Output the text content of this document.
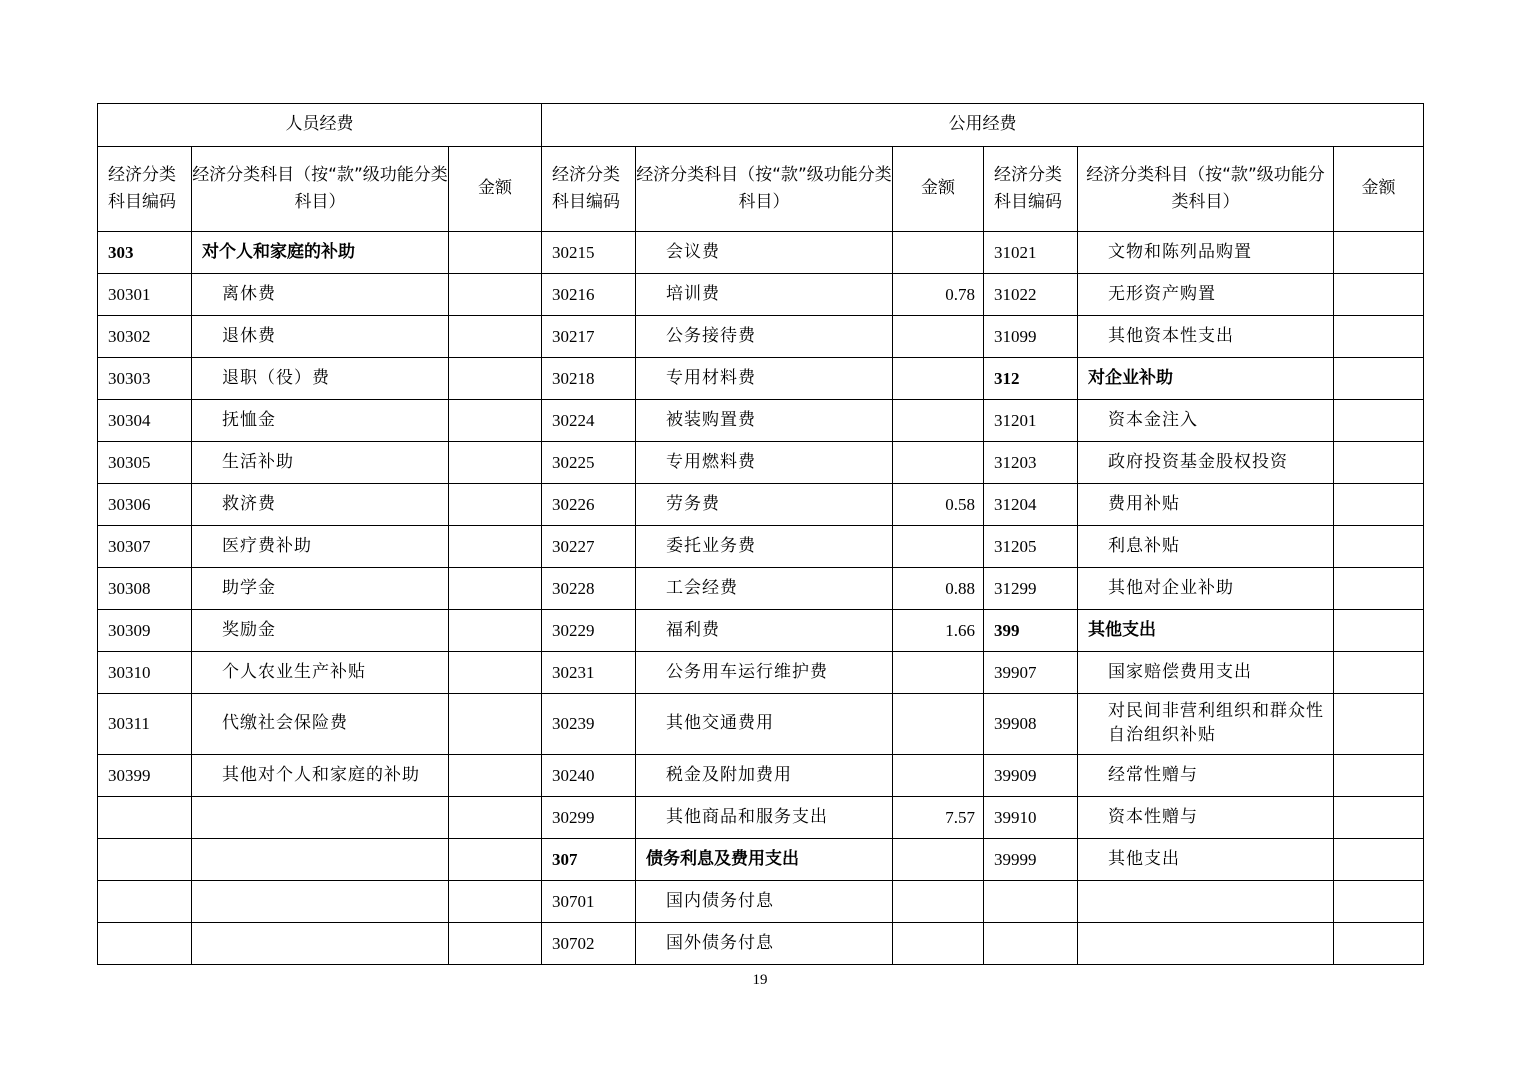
人员经费			公用经费					
经济分类科目编码	经济分类科目（按“款”级功能分类科目）	金额	经济分类科目编码	经济分类科目（按“款”级功能分类科目）	金额	经济分类科目编码	经济分类科目（按“款”级功能分类科目）	金额
303	对个人和家庭的补助		30215	会议费		31021	文物和陈列品购置	
30301	离休费		30216	培训费	0.78	31022	无形资产购置	
30302	退休费		30217	公务接待费		31099	其他资本性支出	
30303	退职（役）费		30218	专用材料费		312	对企业补助	
30304	抚恤金		30224	被装购置费		31201	资本金注入	
30305	生活补助		30225	专用燃料费		31203	政府投资基金股权投资	
30306	救济费		30226	劳务费	0.58	31204	费用补贴	
30307	医疗费补助		30227	委托业务费		31205	利息补贴	
30308	助学金		30228	工会经费	0.88	31299	其他对企业补助	
30309	奖励金		30229	福利费	1.66	399	其他支出	
30310	个人农业生产补贴		30231	公务用车运行维护费		39907	国家赔偿费用支出	
30311	代缴社会保险费		30239	其他交通费用		39908	对民间非营利组织和群众性自治组织补贴	
30399	其他对个人和家庭的补助		30240	税金及附加费用		39909	经常性赠与	
			30299	其他商品和服务支出	7.57	39910	资本性赠与	
			307	债务利息及费用支出		39999	其他支出	
			30701	国内债务付息				
			30702	国外债务付息				
19
